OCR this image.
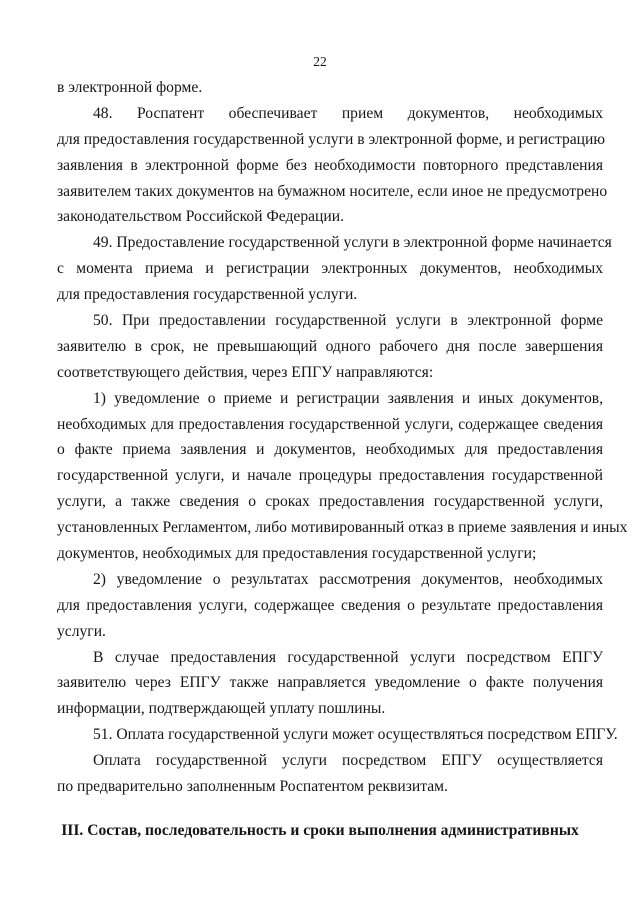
22
в электронной форме.
48. Роспатент обеспечивает прием документов, необходимых
для предоставления государственной услуги в электронной форме, и регистрацию
заявления в электронной форме без необходимости повторного представления
заявителем таких документов на бумажном носителе, если иное не предусмотрено
законодательством Российской Федерации.
49. Предоставление государственной услуги в электронной форме начинается
с момента приема и регистрации электронных документов, необходимых
для предоставления государственной услуги.
50. При предоставлении государственной услуги в электронной форме
заявителю в срок, не превышающий одного рабочего дня после завершения
соответствующего действия, через ЕПГУ направляются:
1) уведомление о приеме и регистрации заявления и иных документов,
необходимых для предоставления государственной услуги, содержащее сведения
о факте приема заявления и документов, необходимых для предоставления
государственной услуги, и начале процедуры предоставления государственной
услуги, а также сведения о сроках предоставления государственной услуги,
установленных Регламентом, либо мотивированный отказ в приеме заявления и иных
документов, необходимых для предоставления государственной услуги;
2) уведомление о результатах рассмотрения документов, необходимых
для предоставления услуги, содержащее сведения о результате предоставления
услуги.
В случае предоставления государственной услуги посредством ЕПГУ
заявителю через ЕПГУ также направляется уведомление о факте получения
информации, подтверждающей уплату пошлины.
51. Оплата государственной услуги может осуществляться посредством ЕПГУ.
Оплата государственной услуги посредством ЕПГУ осуществляется
по предварительно заполненным Роспатентом реквизитам.
III. Состав, последовательность и сроки выполнения административных
